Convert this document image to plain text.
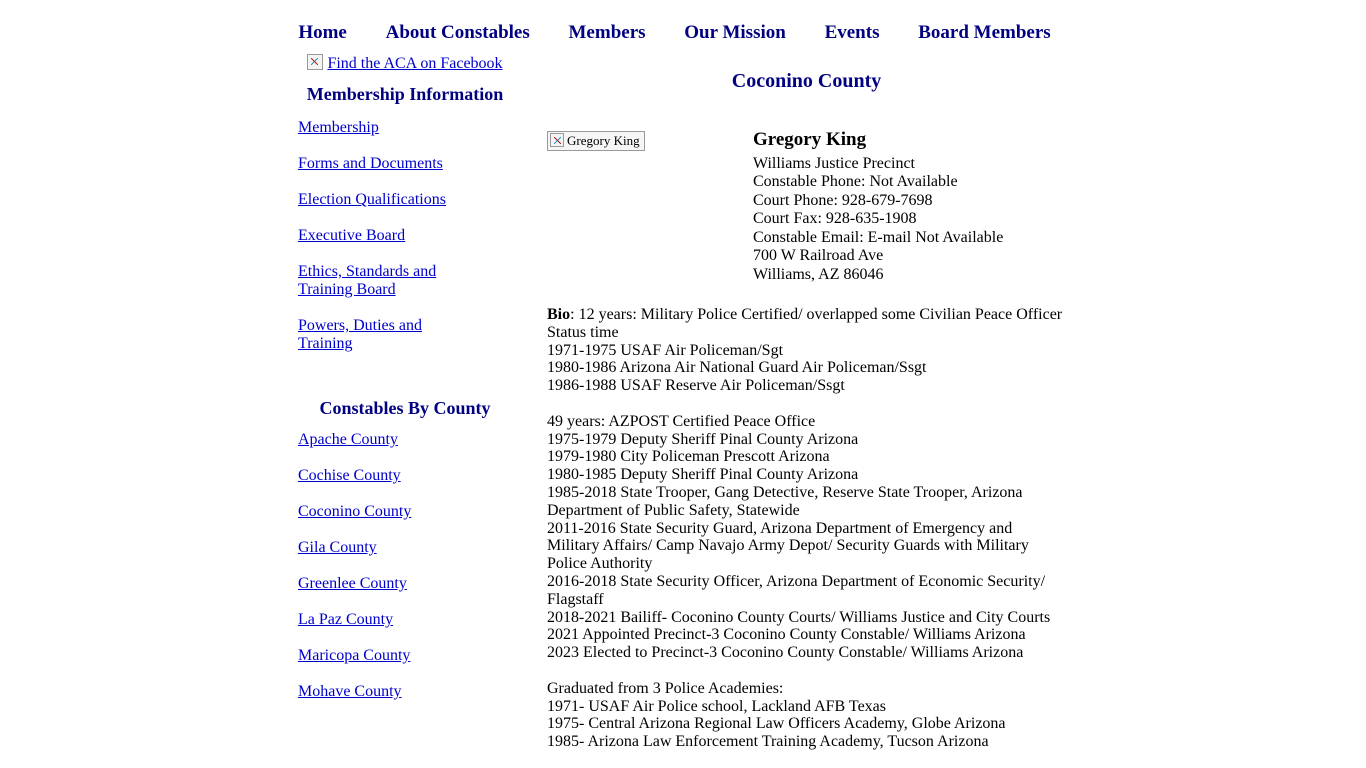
Home About Constables Members Our Mission Events Board Members
Find the ACA on Facebook
Membership Information
Membership
Forms and Documents
Election Qualifications
Executive Board
Ethics, Standards and Training Board
Powers, Duties and Training
Constables By County
Apache County
Cochise County
Coconino County
Gila County
Greenlee County
La Paz County
Maricopa County
Mohave County
Coconino County
Gregory King	Gregory King
Williams Justice Precinct
Constable Phone: Not Available
Court Phone: 928-679-7698
Court Fax: 928-635-1908
Constable Email: E-mail Not Available
700 W Railroad Ave
Williams, AZ 86046

Bio: 12 years: Military Police Certified/ overlapped some Civilian Peace Officer Status time

1971-1975 USAF Air Policeman/Sgt

1980-1986 Arizona Air National Guard Air Policeman/Ssgt

1986-1988 USAF Reserve Air Policeman/Ssgt

49 years: AZPOST Certified Peace Office

1975-1979 Deputy Sheriff Pinal County Arizona

1979-1980 City Policeman Prescott Arizona

1980-1985 Deputy Sheriff Pinal County Arizona

1985-2018 State Trooper, Gang Detective, Reserve State Trooper, Arizona Department of Public Safety, Statewide

2011-2016 State Security Guard, Arizona Department of Emergency and Military Affairs/ Camp Navajo Army Depot/ Security Guards with Military Police Authority

2016-2018 State Security Officer, Arizona Department of Economic Security/ Flagstaff

2018-2021 Bailiff- Coconino County Courts/ Williams Justice and City Courts

2021 Appointed Precinct-3 Coconino County Constable/ Williams Arizona

2023 Elected to Precinct-3 Coconino County Constable/ Williams Arizona

Graduated from 3 Police Academies:

1971- USAF Air Police school, Lackland AFB Texas

1975- Central Arizona Regional Law Officers Academy, Globe Arizona

1985- Arizona Law Enforcement Training Academy, Tucson Arizona
